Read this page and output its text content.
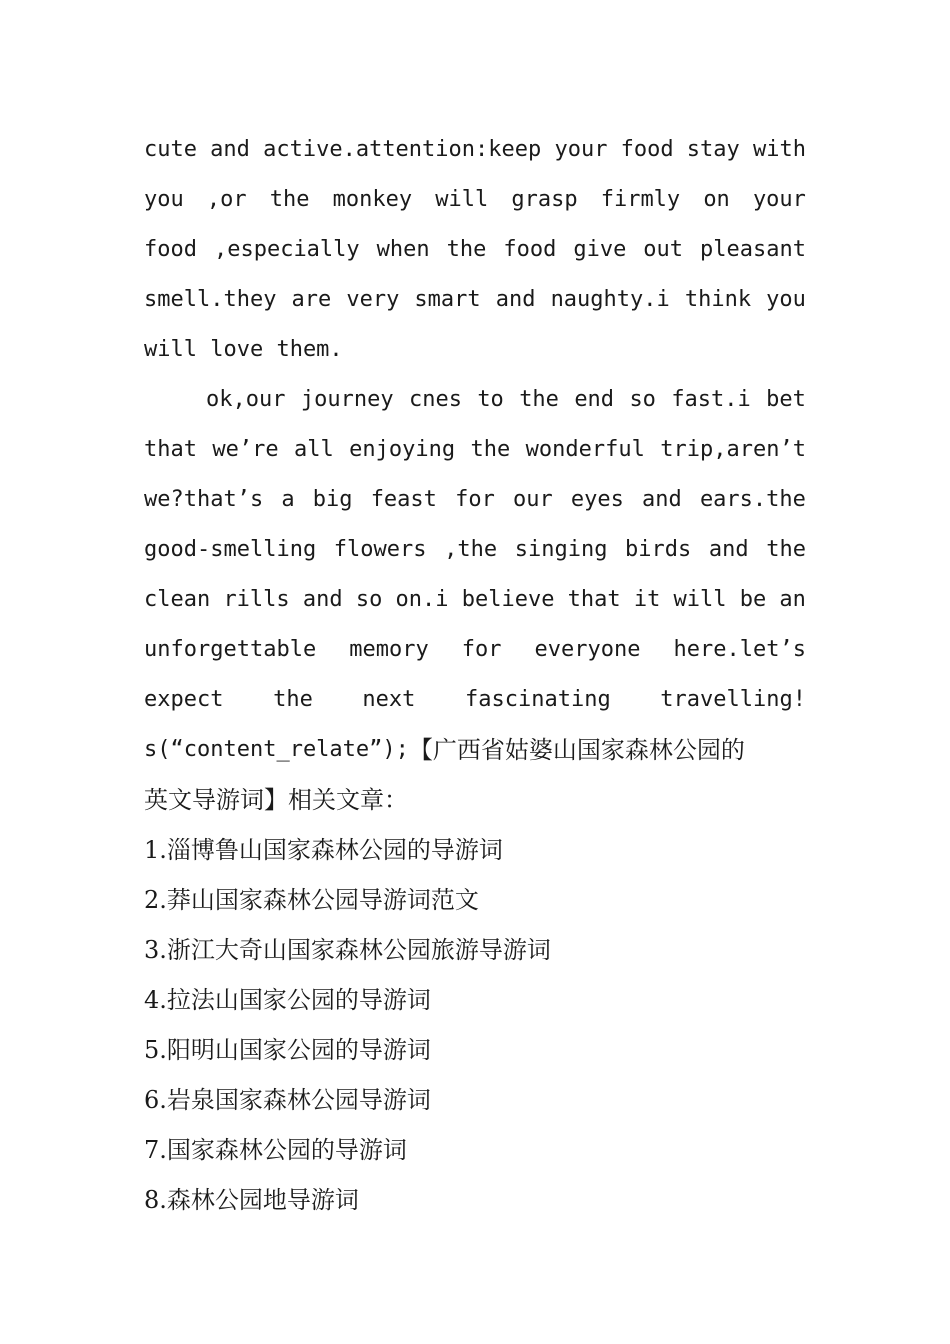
cute and active.attention:keep your food stay with
you ,or the monkey will grasp firmly on your
food ,especially when the food give out pleasant
smell.they are very smart and naughty.i think you
will love them.
ok,our journey cnes to the end so fast.i bet
that we’re all enjoying the wonderful trip,aren’t
we?that’s a big feast for our eyes and ears.the
good-smelling flowers ,the singing birds and the
clean rills and so on.i believe that it will be an
unforgettable memory for everyone here.let’s
expect the next fascinating travelling!
s(“content_relate”); 【广西省姑婆山国家森林公园的
英文导游词】相关文章：
1.淄博鲁山国家森林公园的导游词
2.莽山国家森林公园导游词范文
3.浙江大奇山国家森林公园旅游导游词
4.拉法山国家公园的导游词
5.阳明山国家公园的导游词
6.岩泉国家森林公园导游词
7.国家森林公园的导游词
8.森林公园地导游词
